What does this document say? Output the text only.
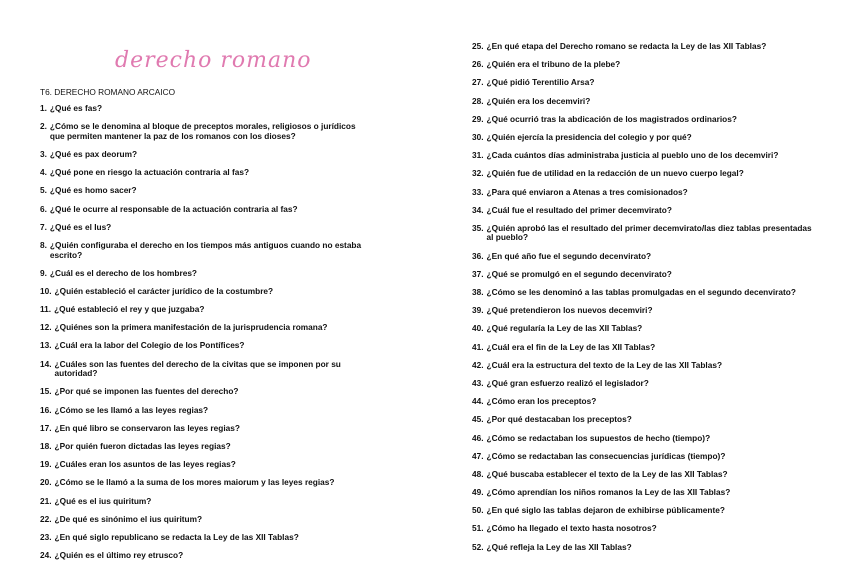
derecho romano
T6. DERECHO ROMANO ARCAICO
1. ¿Qué es fas?
2. ¿Cómo se le denomina al bloque de preceptos morales, religiosos o jurídicos que permiten mantener la paz de los romanos con los dioses?
3. ¿Qué es pax deorum?
4. ¿Qué pone en riesgo la actuación contraria al fas?
5. ¿Qué es homo sacer?
6. ¿Qué le ocurre al responsable de la actuación contraria al fas?
7. ¿Qué es el Ius?
8. ¿Quién configuraba el derecho en los tiempos más antiguos cuando no estaba escrito?
9. ¿Cuál es el derecho de los hombres?
10. ¿Quién estableció el carácter jurídico de la costumbre?
11. ¿Qué estableció el rey y que juzgaba?
12. ¿Quiénes son la primera manifestación de la jurisprudencia romana?
13. ¿Cuál era la labor del Colegio de los Pontífices?
14. ¿Cuáles son las fuentes del derecho de la civitas que se imponen por su autoridad?
15. ¿Por qué se imponen las fuentes del derecho?
16. ¿Cómo se les llamó a las leyes regias?
17. ¿En qué libro se conservaron las leyes regias?
18. ¿Por quién fueron dictadas las leyes regias?
19. ¿Cuáles eran los asuntos de las leyes regias?
20. ¿Cómo se le llamó a la suma de los mores maiorum y las leyes regias?
21. ¿Qué es el ius quiritum?
22. ¿De qué es sinónimo el ius quiritum?
23. ¿En qué siglo republicano se redacta la Ley de las XII Tablas?
24. ¿Quién es el último rey etrusco?
25. ¿En qué etapa del Derecho romano se redacta la Ley de las XII Tablas?
26. ¿Quién era el tribuno de la plebe?
27. ¿Qué pidió Terentilio Arsa?
28. ¿Quién era los decemviri?
29. ¿Qué ocurrió tras la abdicación de los magistrados ordinarios?
30. ¿Quién ejercía la presidencia del colegio y por qué?
31. ¿Cada cuántos días administraba justicia al pueblo uno de los decemviri?
32. ¿Quién fue de utilidad en la redacción de un nuevo cuerpo legal?
33. ¿Para qué enviaron a Atenas a tres comisionados?
34. ¿Cuál fue el resultado del primer decemvirato?
35. ¿Quién aprobó las el resultado del primer decemvirato/las diez tablas presentadas al pueblo?
36. ¿En qué año fue el segundo decenvirato?
37. ¿Qué se promulgó en el segundo decenvirato?
38. ¿Cómo se les denominó a las tablas promulgadas en el segundo decenvirato?
39. ¿Qué pretendieron los nuevos decemviri?
40. ¿Qué regularía la Ley de las XII Tablas?
41. ¿Cuál era el fin de la Ley de las XII Tablas?
42. ¿Cuál era la estructura del texto de la Ley de las XII Tablas?
43. ¿Qué gran esfuerzo realizó el legislador?
44. ¿Cómo eran los preceptos?
45. ¿Por qué destacaban los preceptos?
46. ¿Cómo se redactaban los supuestos de hecho (tiempo)?
47. ¿Cómo se redactaban las consecuencias jurídicas (tiempo)?
48. ¿Qué buscaba establecer el texto de la Ley de las XII Tablas?
49. ¿Cómo aprendían los niños romanos la Ley de las XII Tablas?
50. ¿En qué siglo las tablas dejaron de exhibirse públicamente?
51. ¿Cómo ha llegado el texto hasta nosotros?
52. ¿Qué refleja la Ley de las XII Tablas?
